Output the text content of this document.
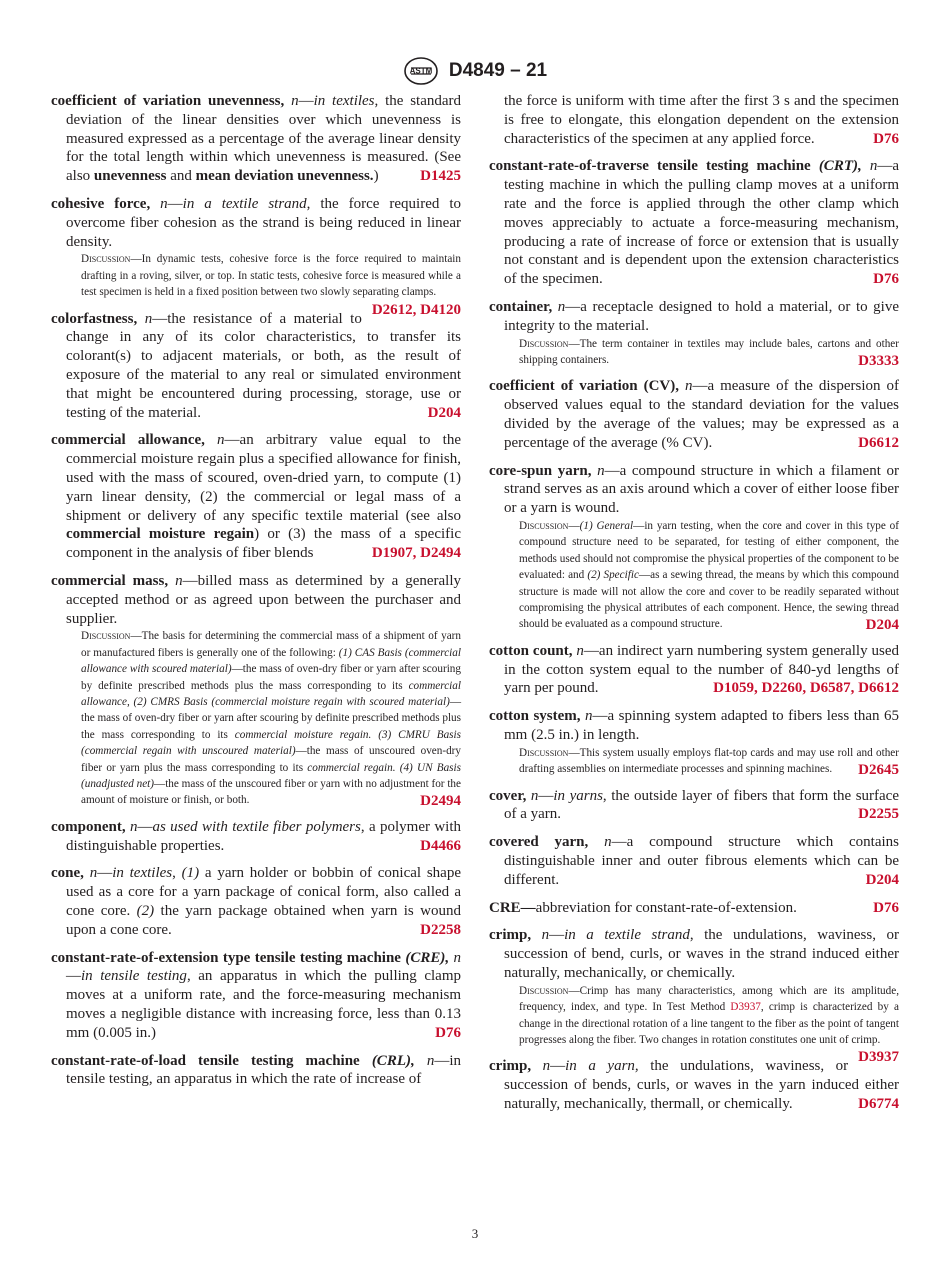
ASTM D4849 – 21
coefficient of variation unevenness, n—in textiles, the standard deviation of the linear densities over which unevenness is measured expressed as a percentage of the average linear density for the total length within which unevenness is measured. (See also unevenness and mean deviation unevenness.)	D1425
cohesive force, n—in a textile strand, the force required to overcome fiber cohesion as the strand is being reduced in linear density.
Discussion—In dynamic tests, cohesive force is the force required to maintain drafting in a roving, silver, or top. In static tests, cohesive force is measured while a test specimen is held in a fixed position between two slowly separating clamps.
D2612, D4120
colorfastness, n—the resistance of a material to change in any of its color characteristics, to transfer its colorant(s) to adjacent materials, or both, as the result of exposure of the material to any real or simulated environment that might be encountered during processing, storage, use or testing of the material.	D204
commercial allowance, n—an arbitrary value equal to the commercial moisture regain plus a specified allowance for finish, used with the mass of scoured, oven-dried yarn, to compute (1) yarn linear density, (2) the commercial or legal mass of a shipment or delivery of any specific textile material (see also commercial moisture regain) or (3) the mass of a specific component in the analysis of fiber blends	D1907, D2494
commercial mass, n—billed mass as determined by a generally accepted method or as agreed upon between the purchaser and supplier.
Discussion—The basis for determining the commercial mass of a shipment of yarn or manufactured fibers is generally one of the following: (1) CAS Basis (commercial allowance with scoured material)—the mass of oven-dry fiber or yarn after scouring by definite prescribed methods plus the mass corresponding to its commercial allowance, (2) CMRS Basis (commercial moisture regain with scoured material)—the mass of oven-dry fiber or yarn after scouring by definite prescribed methods plus the mass corresponding to its commercial moisture regain. (3) CMRU Basis (commercial regain with unscoured material)—the mass of unscoured oven-dry fiber or yarn plus the mass corresponding to its commercial regain. (4) UN Basis (unadjusted net)—the mass of the unscoured fiber or yarn with no adjustment for the amount of moisture or finish, or both.	D2494
component, n—as used with textile fiber polymers, a polymer with distinguishable properties.	D4466
cone, n—in textiles, (1) a yarn holder or bobbin of conical shape used as a core for a yarn package of conical form, also called a cone core. (2) the yarn package obtained when yarn is wound upon a cone core.	D2258
constant-rate-of-extension type tensile testing machine (CRE), n—in tensile testing, an apparatus in which the pulling clamp moves at a uniform rate, and the force-measuring mechanism moves a negligible distance with increasing force, less than 0.13 mm (0.005 in.)	D76
constant-rate-of-load tensile testing machine (CRL), n—in tensile testing, an apparatus in which the rate of increase of
the force is uniform with time after the first 3 s and the specimen is free to elongate, this elongation dependent on the extension characteristics of the specimen at any applied force.	D76
constant-rate-of-traverse tensile testing machine (CRT), n—a testing machine in which the pulling clamp moves at a uniform rate and the force is applied through the other clamp which moves appreciably to actuate a force-measuring mechanism, producing a rate of increase of force or extension that is usually not constant and is dependent upon the extension characteristics of the specimen.	D76
container, n—a receptacle designed to hold a material, or to give integrity to the material.
Discussion—The term container in textiles may include bales, cartons and other shipping containers.	D3333
coefficient of variation (CV), n—a measure of the dispersion of observed values equal to the standard deviation for the values divided by the average of the values; may be expressed as a percentage of the average (% CV).	D6612
core-spun yarn, n—a compound structure in which a filament or strand serves as an axis around which a cover of either loose fiber or a yarn is wound.
Discussion—(1) General—in yarn testing, when the core and cover in this type of compound structure need to be separated, for testing of either component, the methods used should not compromise the physical properties of the component to be evaluated: and (2) Specific—as a sewing thread, the means by which this compound structure is made will not allow the core and cover to be readily separated without compromising the physical attributes of each component. Hence, the sewing thread should be evaluated as a compound structure.	D204
cotton count, n—an indirect yarn numbering system generally used in the cotton system equal to the number of 840-yd lengths of yarn per pound.	D1059, D2260, D6587, D6612
cotton system, n—a spinning system adapted to fibers less than 65 mm (2.5 in.) in length.
Discussion—This system usually employs flat-top cards and may use roll and other drafting assemblies on intermediate processes and spinning machines. D2645
cover, n—in yarns, the outside layer of fibers that form the surface of a yarn.	D2255
covered yarn, n—a compound structure which contains distinguishable inner and outer fibrous elements which can be different.	D204
CRE—abbreviation for constant-rate-of-extension.	D76
crimp, n—in a textile strand, the undulations, waviness, or succession of bend, curls, or waves in the strand induced either naturally, mechanically, or chemically.
Discussion—Crimp has many characteristics, among which are its amplitude, frequency, index, and type. In Test Method D3937, crimp is characterized by a change in the directional rotation of a line tangent to the fiber as the point of tangent progresses along the fiber. Two changes in rotation constitutes one unit of crimp.
D3937
crimp, n—in a yarn, the undulations, waviness, or succession of bends, curls, or waves in the yarn induced either naturally, mechanically, thermall, or chemically.	D6774
3
